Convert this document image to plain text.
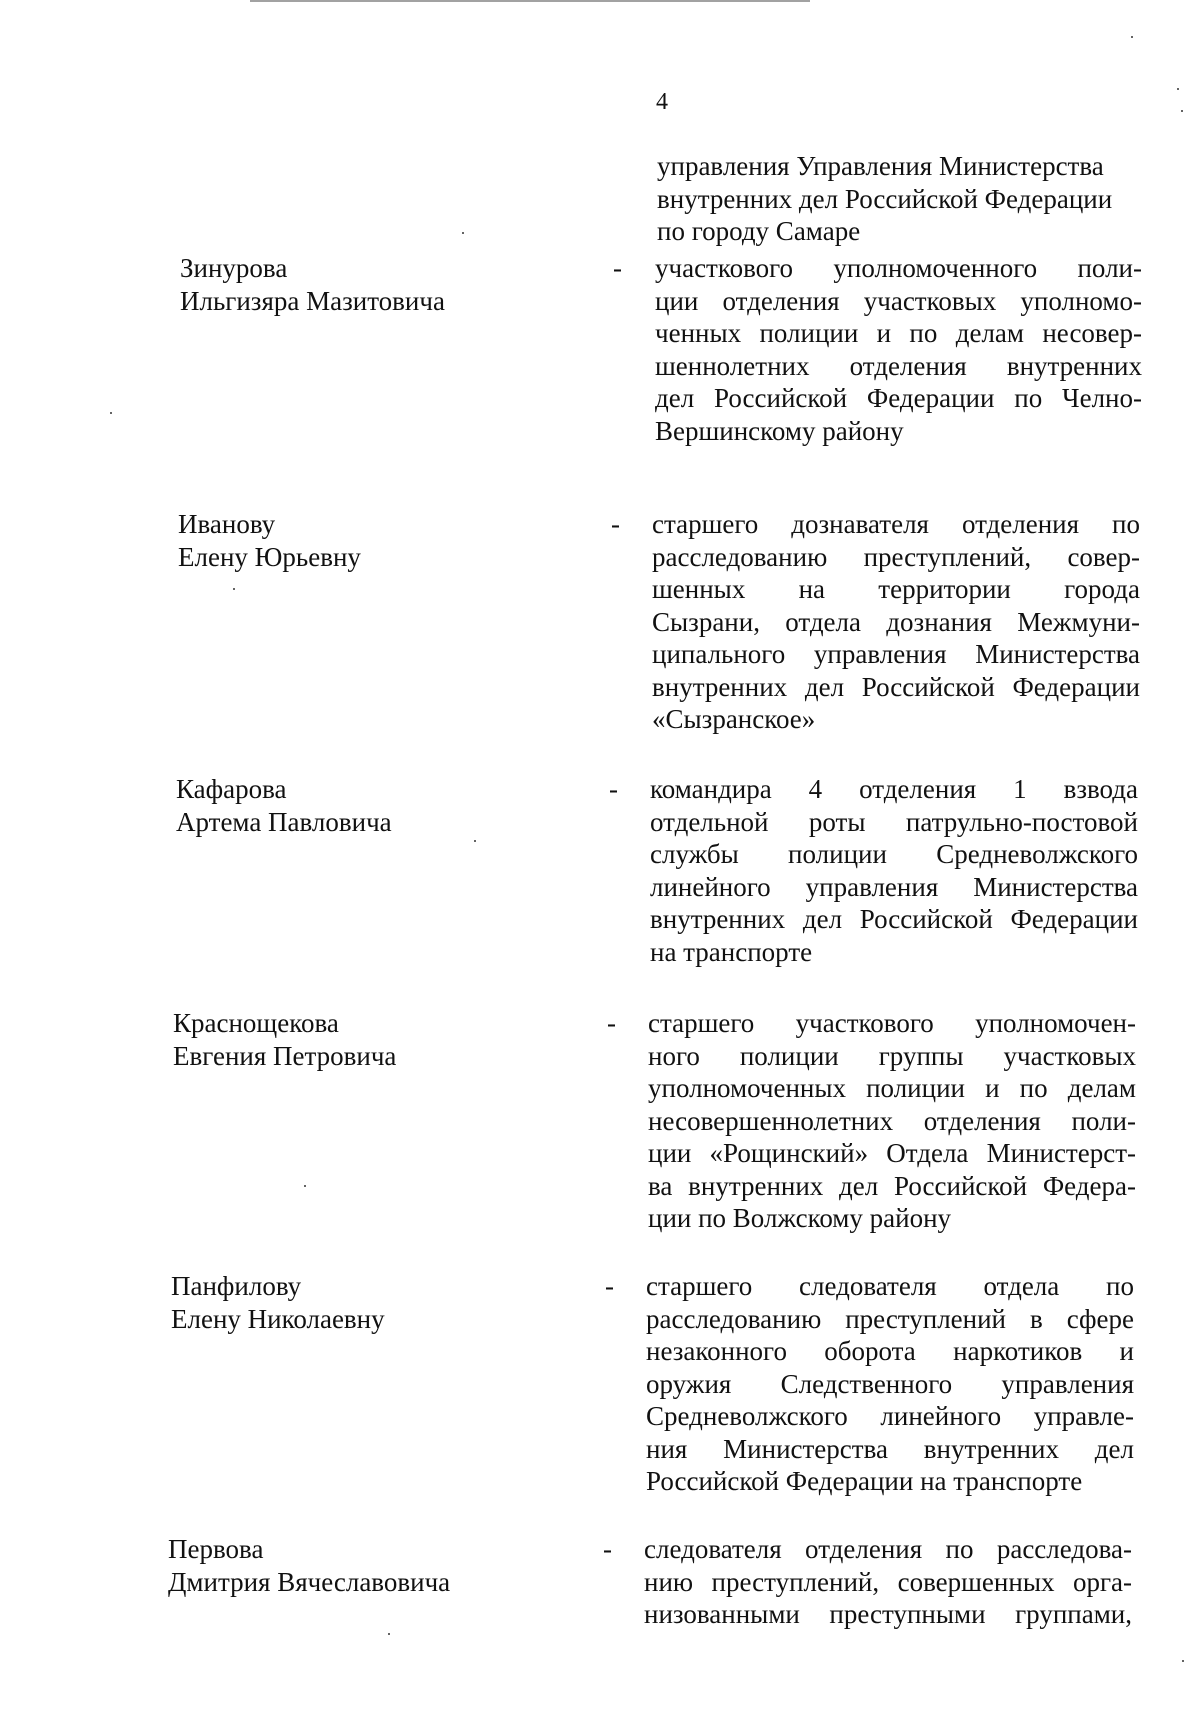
4
управления Управления Министерства
внутренних дел Российской Федерации
по городу Самаре
Зинурова
Ильгизяра Мазитовича
- участкового уполномоченного поли-
ции отделения участковых уполномо-
ченных полиции и по делам несовер-
шеннолетних отделения внутренних
дел Российской Федерации по Челно-
Вершинскому району
Иванову
Елену Юрьевну
- старшего дознавателя отделения по
расследованию преступлений, совер-
шенных на территории города
Сызрани, отдела дознания Межмуни-
ципального управления Министерства
внутренних дел Российской Федерации
«Сызранское»
Кафарова
Артема Павловича
- командира 4 отделения 1 взвода
отдельной роты патрульно-постовой
службы полиции Средневолжского
линейного управления Министерства
внутренних дел Российской Федерации
на транспорте
Краснощекова
Евгения Петровича
- старшего участкового уполномочен-
ного полиции группы участковых
уполномоченных полиции и по делам
несовершеннолетних отделения поли-
ции «Рощинский» Отдела Министерст-
ва внутренних дел Российской Федера-
ции по Волжскому району
Панфилову
Елену Николаевну
- старшего следователя отдела по
расследованию преступлений в сфере
незаконного оборота наркотиков и
оружия Следственного управления
Средневолжского линейного управле-
ния Министерства внутренних дел
Российской Федерации на транспорте
Первова
Дмитрия Вячеславовича
- следователя отделения по расследова-
нию преступлений, совершенных орга-
низованными преступными группами,
